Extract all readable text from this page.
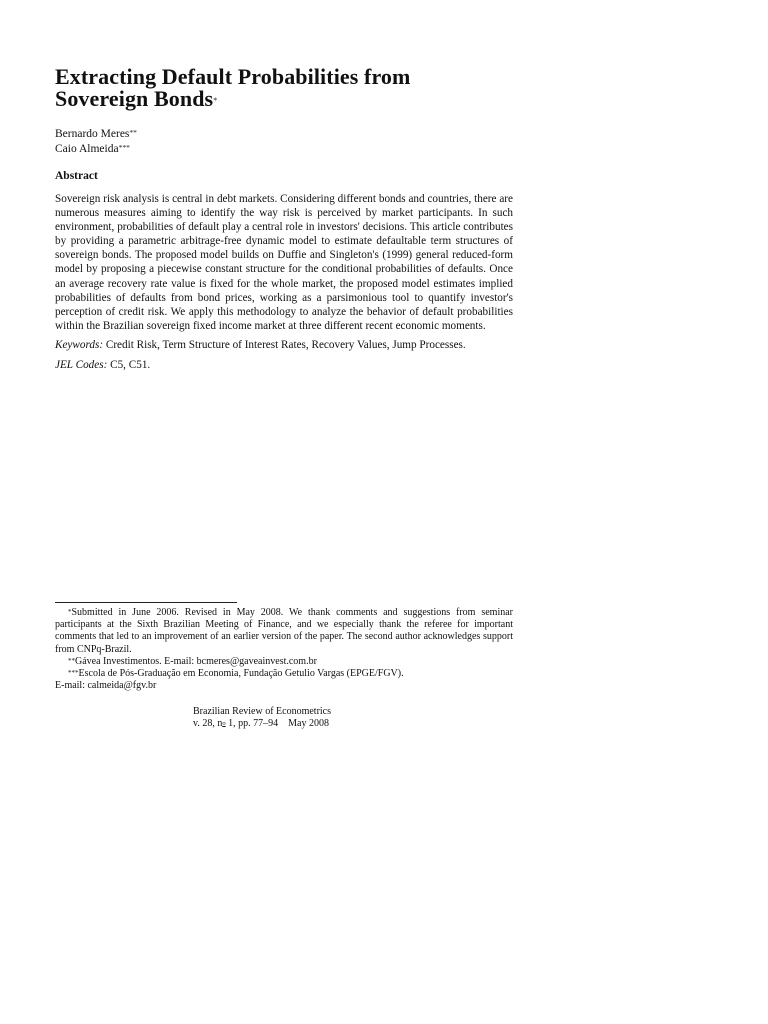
Extracting Default Probabilities from
Sovereign Bonds*
Bernardo Meres**
Caio Almeida***
Abstract
Sovereign risk analysis is central in debt markets. Considering different bonds and countries, there are numerous measures aiming to identify the way risk is perceived by market participants. In such environment, probabilities of default play a central role in investors' decisions. This article contributes by providing a parametric arbitrage-free dynamic model to estimate defaultable term structures of sovereign bonds. The proposed model builds on Duffie and Singleton's (1999) general reduced-form model by proposing a piecewise constant structure for the conditional probabilities of defaults. Once an average recovery rate value is fixed for the whole market, the proposed model estimates implied probabilities of defaults from bond prices, working as a parsimonious tool to quantify investor's perception of credit risk. We apply this methodology to analyze the behavior of default probabilities within the Brazilian sovereign fixed income market at three different recent economic moments.
Keywords: Credit Risk, Term Structure of Interest Rates, Recovery Values, Jump Processes.
JEL Codes: C5, C51.

*Submitted in June 2006. Revised in May 2008. We thank comments and suggestions from seminar participants at the Sixth Brazilian Meeting of Finance, and we especially thank the referee for important comments that led to an improvement of an earlier version of the paper. The second author acknowledges support from CNPq-Brazil.

**Gávea Investimentos. E-mail: bcmeres@gaveainvest.com.br

***Escola de Pós-Graduação em Economia, Fundação Getulio Vargas (EPGE/FGV).

E-mail: calmeida@fgv.br

Brazilian Review of Econometrics
v. 28, $n^o$ 1, pp. 77–94 May 2008
